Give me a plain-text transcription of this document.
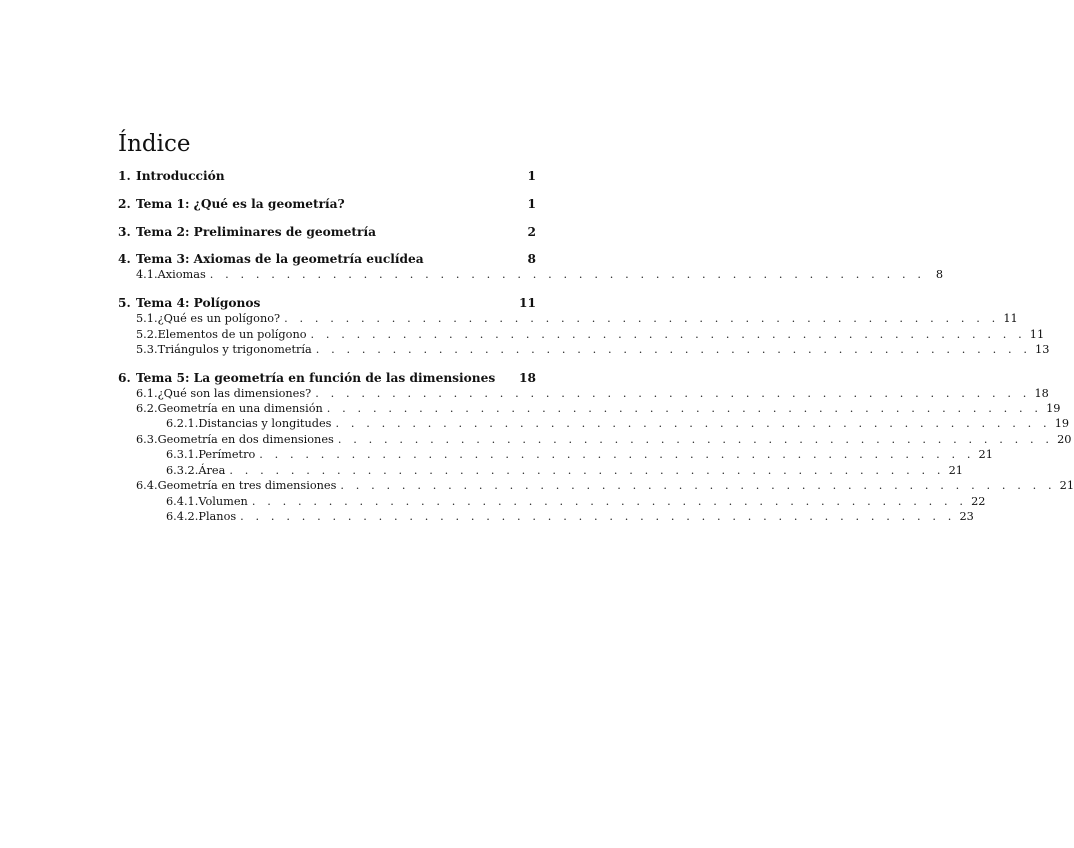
Índice
1. Introducción	1
2. Tema 1: ¿Qué es la geometría?	1
3. Tema 2: Preliminares de geometría	2
4. Tema 3: Axiomas de la geometría euclídea	8
4.1. Axiomas . . . . . . . . . . . . . . . . . . . . . . . . . . . . . . . . . . . . . . . . . . . . . . . 8
5. Tema 4: Polígonos	11
5.1. ¿Qué es un polígono? . . . . . . . . . . . . . . . . . . . . . . . . . . . . . . . . . . . . . . . . . . . . . . . 11
5.2. Elementos de un polígono . . . . . . . . . . . . . . . . . . . . . . . . . . . . . . . . . . . . . . . . . . . . . . . 11
5.3. Triángulos y trigonometría . . . . . . . . . . . . . . . . . . . . . . . . . . . . . . . . . . . . . . . . . . . . . . . 13
6. Tema 5: La geometría en función de las dimensiones 18
6.1. ¿Qué son las dimensiones? . . . . . . . . . . . . . . . . . . . . . . . . . . . . . . . . . . . . . . . . . . . . . . . 18
6.2. Geometría en una dimensión . . . . . . . . . . . . . . . . . . . . . . . . . . . . . . . . . . . . . . . . . . . . . . . 19
6.2.1. Distancias y longitudes . . . . . . . . . . . . . . . . . . . . . . . . . . . . . . . . . . . . . . . . . . . . . . . 19
6.3. Geometría en dos dimensiones . . . . . . . . . . . . . . . . . . . . . . . . . . . . . . . . . . . . . . . . . . . . . . . 20
6.3.1. Perímetro . . . . . . . . . . . . . . . . . . . . . . . . . . . . . . . . . . . . . . . . . . . . . . . 21
6.3.2. Área . . . . . . . . . . . . . . . . . . . . . . . . . . . . . . . . . . . . . . . . . . . . . . . 21
6.4. Geometría en tres dimensiones . . . . . . . . . . . . . . . . . . . . . . . . . . . . . . . . . . . . . . . . . . . . . . . 21
6.4.1. Volumen . . . . . . . . . . . . . . . . . . . . . . . . . . . . . . . . . . . . . . . . . . . . . . . 22
6.4.2. Planos . . . . . . . . . . . . . . . . . . . . . . . . . . . . . . . . . . . . . . . . . . . . . . . 23
